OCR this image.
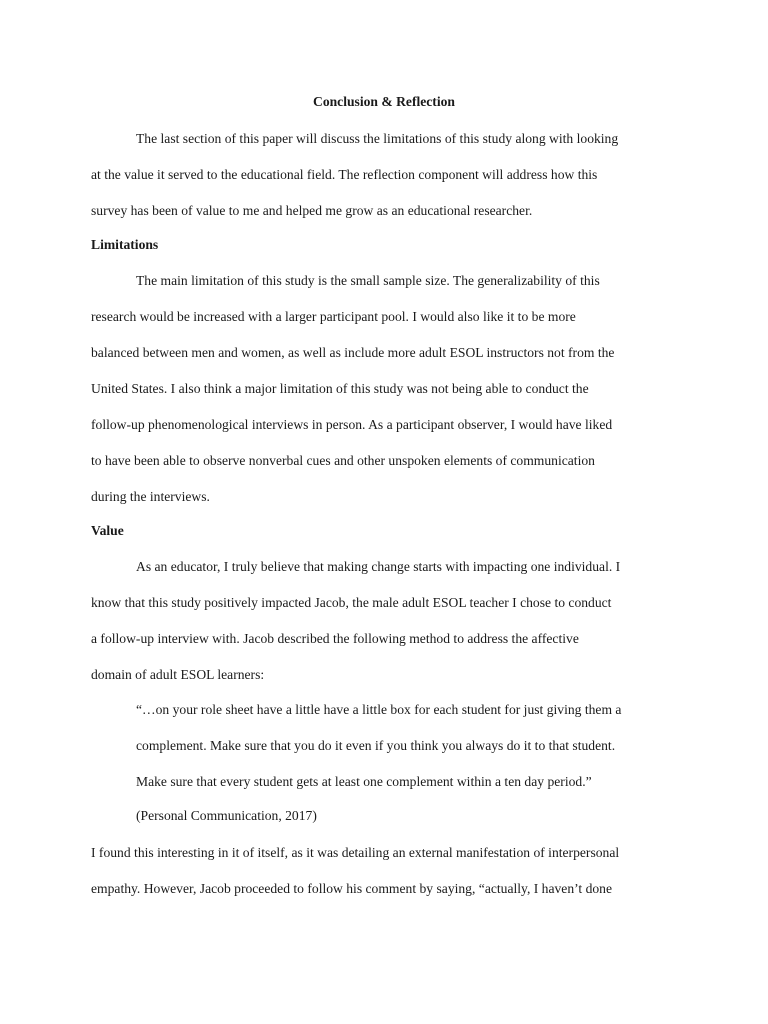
Conclusion & Reflection
The last section of this paper will discuss the limitations of this study along with looking
at the value it served to the educational field. The reflection component will address how this
survey has been of value to me and helped me grow as an educational researcher.
Limitations
The main limitation of this study is the small sample size. The generalizability of this
research would be increased with a larger participant pool. I would also like it to be more
balanced between men and women, as well as include more adult ESOL instructors not from the
United States. I also think a major limitation of this study was not being able to conduct the
follow-up phenomenological interviews in person. As a participant observer, I would have liked
to have been able to observe nonverbal cues and other unspoken elements of communication
during the interviews.
Value
As an educator, I truly believe that making change starts with impacting one individual. I
know that this study positively impacted Jacob, the male adult ESOL teacher I chose to conduct
a follow-up interview with. Jacob described the following method to address the affective
domain of adult ESOL learners:
“…on your role sheet have a little have a little box for each student for just giving them a
complement. Make sure that you do it even if you think you always do it to that student.
Make sure that every student gets at least one complement within a ten day period.”
(Personal Communication, 2017)
I found this interesting in it of itself, as it was detailing an external manifestation of interpersonal
empathy. However, Jacob proceeded to follow his comment by saying, “actually, I haven’t done
